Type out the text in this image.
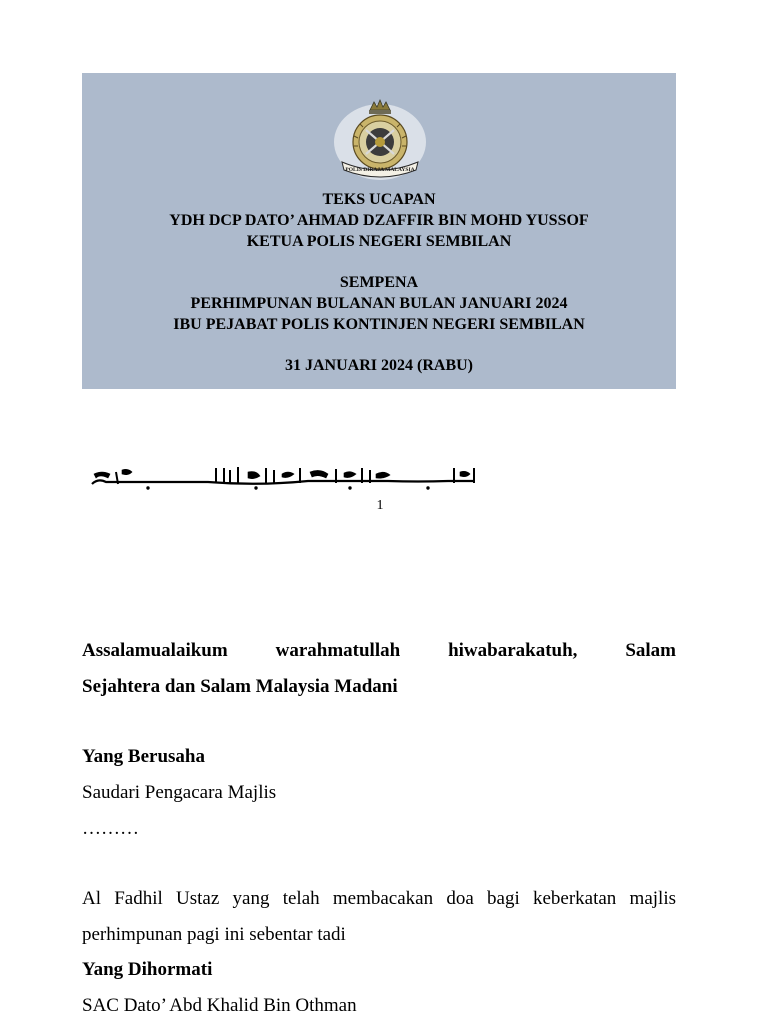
POLIS DIRAJA MALAYSIA
TEKS UCAPAN
YDH DCP DATO’ AHMAD DZAFFIR BIN MOHD YUSSOF
KETUA POLIS NEGERI SEMBILAN
SEMPENA
PERHIMPUNAN BULANAN BULAN JANUARI 2024
IBU PEJABAT POLIS KONTINJEN NEGERI SEMBILAN
31 JANUARI 2024 (RABU)
1
Assalamualaikum warahmatullah hiwabarakatuh, Salam
Sejahtera dan Salam Malaysia Madani
Yang Berusaha
Saudari Pengacara Majlis
………
Al Fadhil Ustaz yang telah membacakan doa bagi keberkatan majlis
perhimpunan pagi ini sebentar tadi
Yang Dihormati
SAC Dato’ Abd Khalid Bin Othman
